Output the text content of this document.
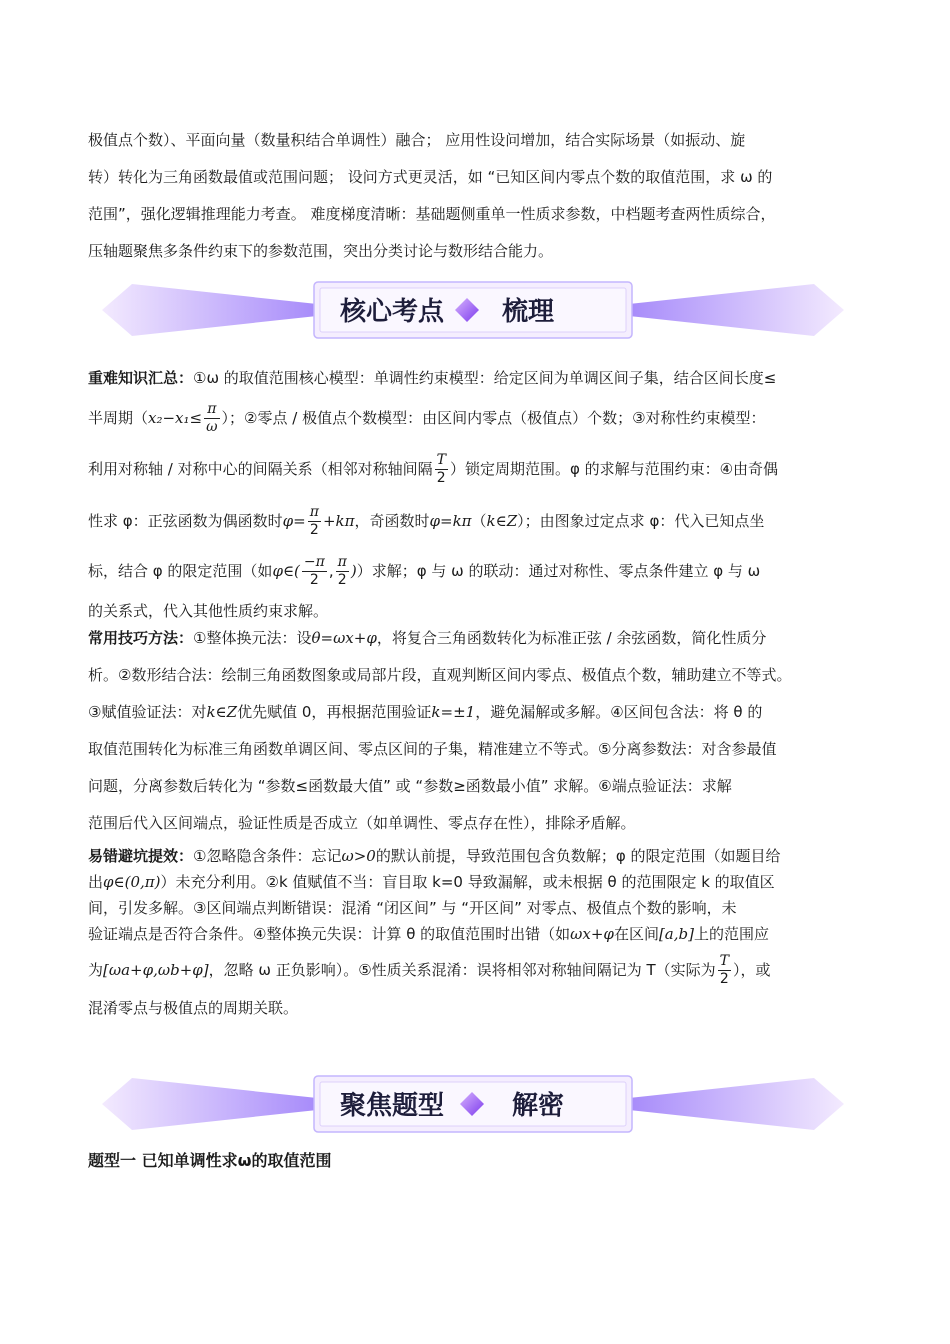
极值点个数）、平面向量（数量积结合单调性）融合； 应用性设问增加，结合实际场景（如振动、旋

转）转化为三角函数最值或范围问题； 设问方式更灵活，如 “已知区间内零点个数的取值范围，求 ω 的

范围”，强化逻辑推理能力考查。 难度梯度清晰：基础题侧重单一性质求参数，中档题考查两性质综合，

压轴题聚焦多条件约束下的参数范围，突出分类讨论与数形结合能力。

核心考点 梳理

重难知识汇总：①ω 的取值范围核心模型：单调性约束模型：给定区间为单调区间子集，结合区间长度≤

半周期（$x_2-x_1\le \frac{\pi}{\omega}$ ）；②零点 / 极值点个数模型：由区间内零点（极值点）个数；③对称性约束模型：

利用对称轴 / 对称中心的间隔关系（相邻对称轴间隔 $\frac{T}{2}$ ）锁定周期范围。φ 的求解与范围约束：④由奇偶

性求 φ：正弦函数为偶函数时$\varphi= \frac{\pi}{2} +k\pi$，奇函数时φ=kπ（k∈Z）；由图象过定点求 φ：代入已知点坐

标，结合 φ 的限定范围（如φ∈( $\frac{-\pi}{2}$ , $\frac{\pi}{2}$ )）求解；φ 与 ω 的联动：通过对称性、零点条件建立 φ 与 ω

的关系式，代入其他性质约束求解。

常用技巧方法：①整体换元法：设θ=ωx+φ，将复合三角函数转化为标准正弦 / 余弦函数，简化性质分

析。②数形结合法：绘制三角函数图象或局部片段，直观判断区间内零点、极值点个数，辅助建立不等式。

③赋值验证法：对k∈Z优先赋值 0，再根据范围验证k=±1，避免漏解或多解。④区间包含法：将 θ 的

取值范围转化为标准三角函数单调区间、零点区间的子集，精准建立不等式。⑤分离参数法：对含参最值

问题，分离参数后转化为 “参数≤函数最大值” 或 “参数≥函数最小值” 求解。⑥端点验证法：求解

范围后代入区间端点，验证性质是否成立（如单调性、零点存在性），排除矛盾解。

易错避坑提效：①忽略隐含条件：忘记ω>0的默认前提，导致范围包含负数解；φ 的限定范围（如题目给

出φ∈(0,π)）未充分利用。②k 值赋值不当：盲目取 k=0 导致漏解，或未根据 θ 的范围限定 k 的取值区

间，引发多解。③区间端点判断错误：混淆 “闭区间” 与 “开区间” 对零点、极值点个数的影响，未

验证端点是否符合条件。④整体换元失误：计算 θ 的取值范围时出错（如ωx+φ在区间[a,b]上的范围应

为[ωa+φ,ωb+φ]，忽略 ω 正负影响）。⑤性质关系混淆：误将相邻对称轴间隔记为 T（实际为 $\frac{T}{2}$ ），或

混淆零点与极值点的周期关联。

聚焦题型	解密

题型一 已知单调性求ω的取值范围
